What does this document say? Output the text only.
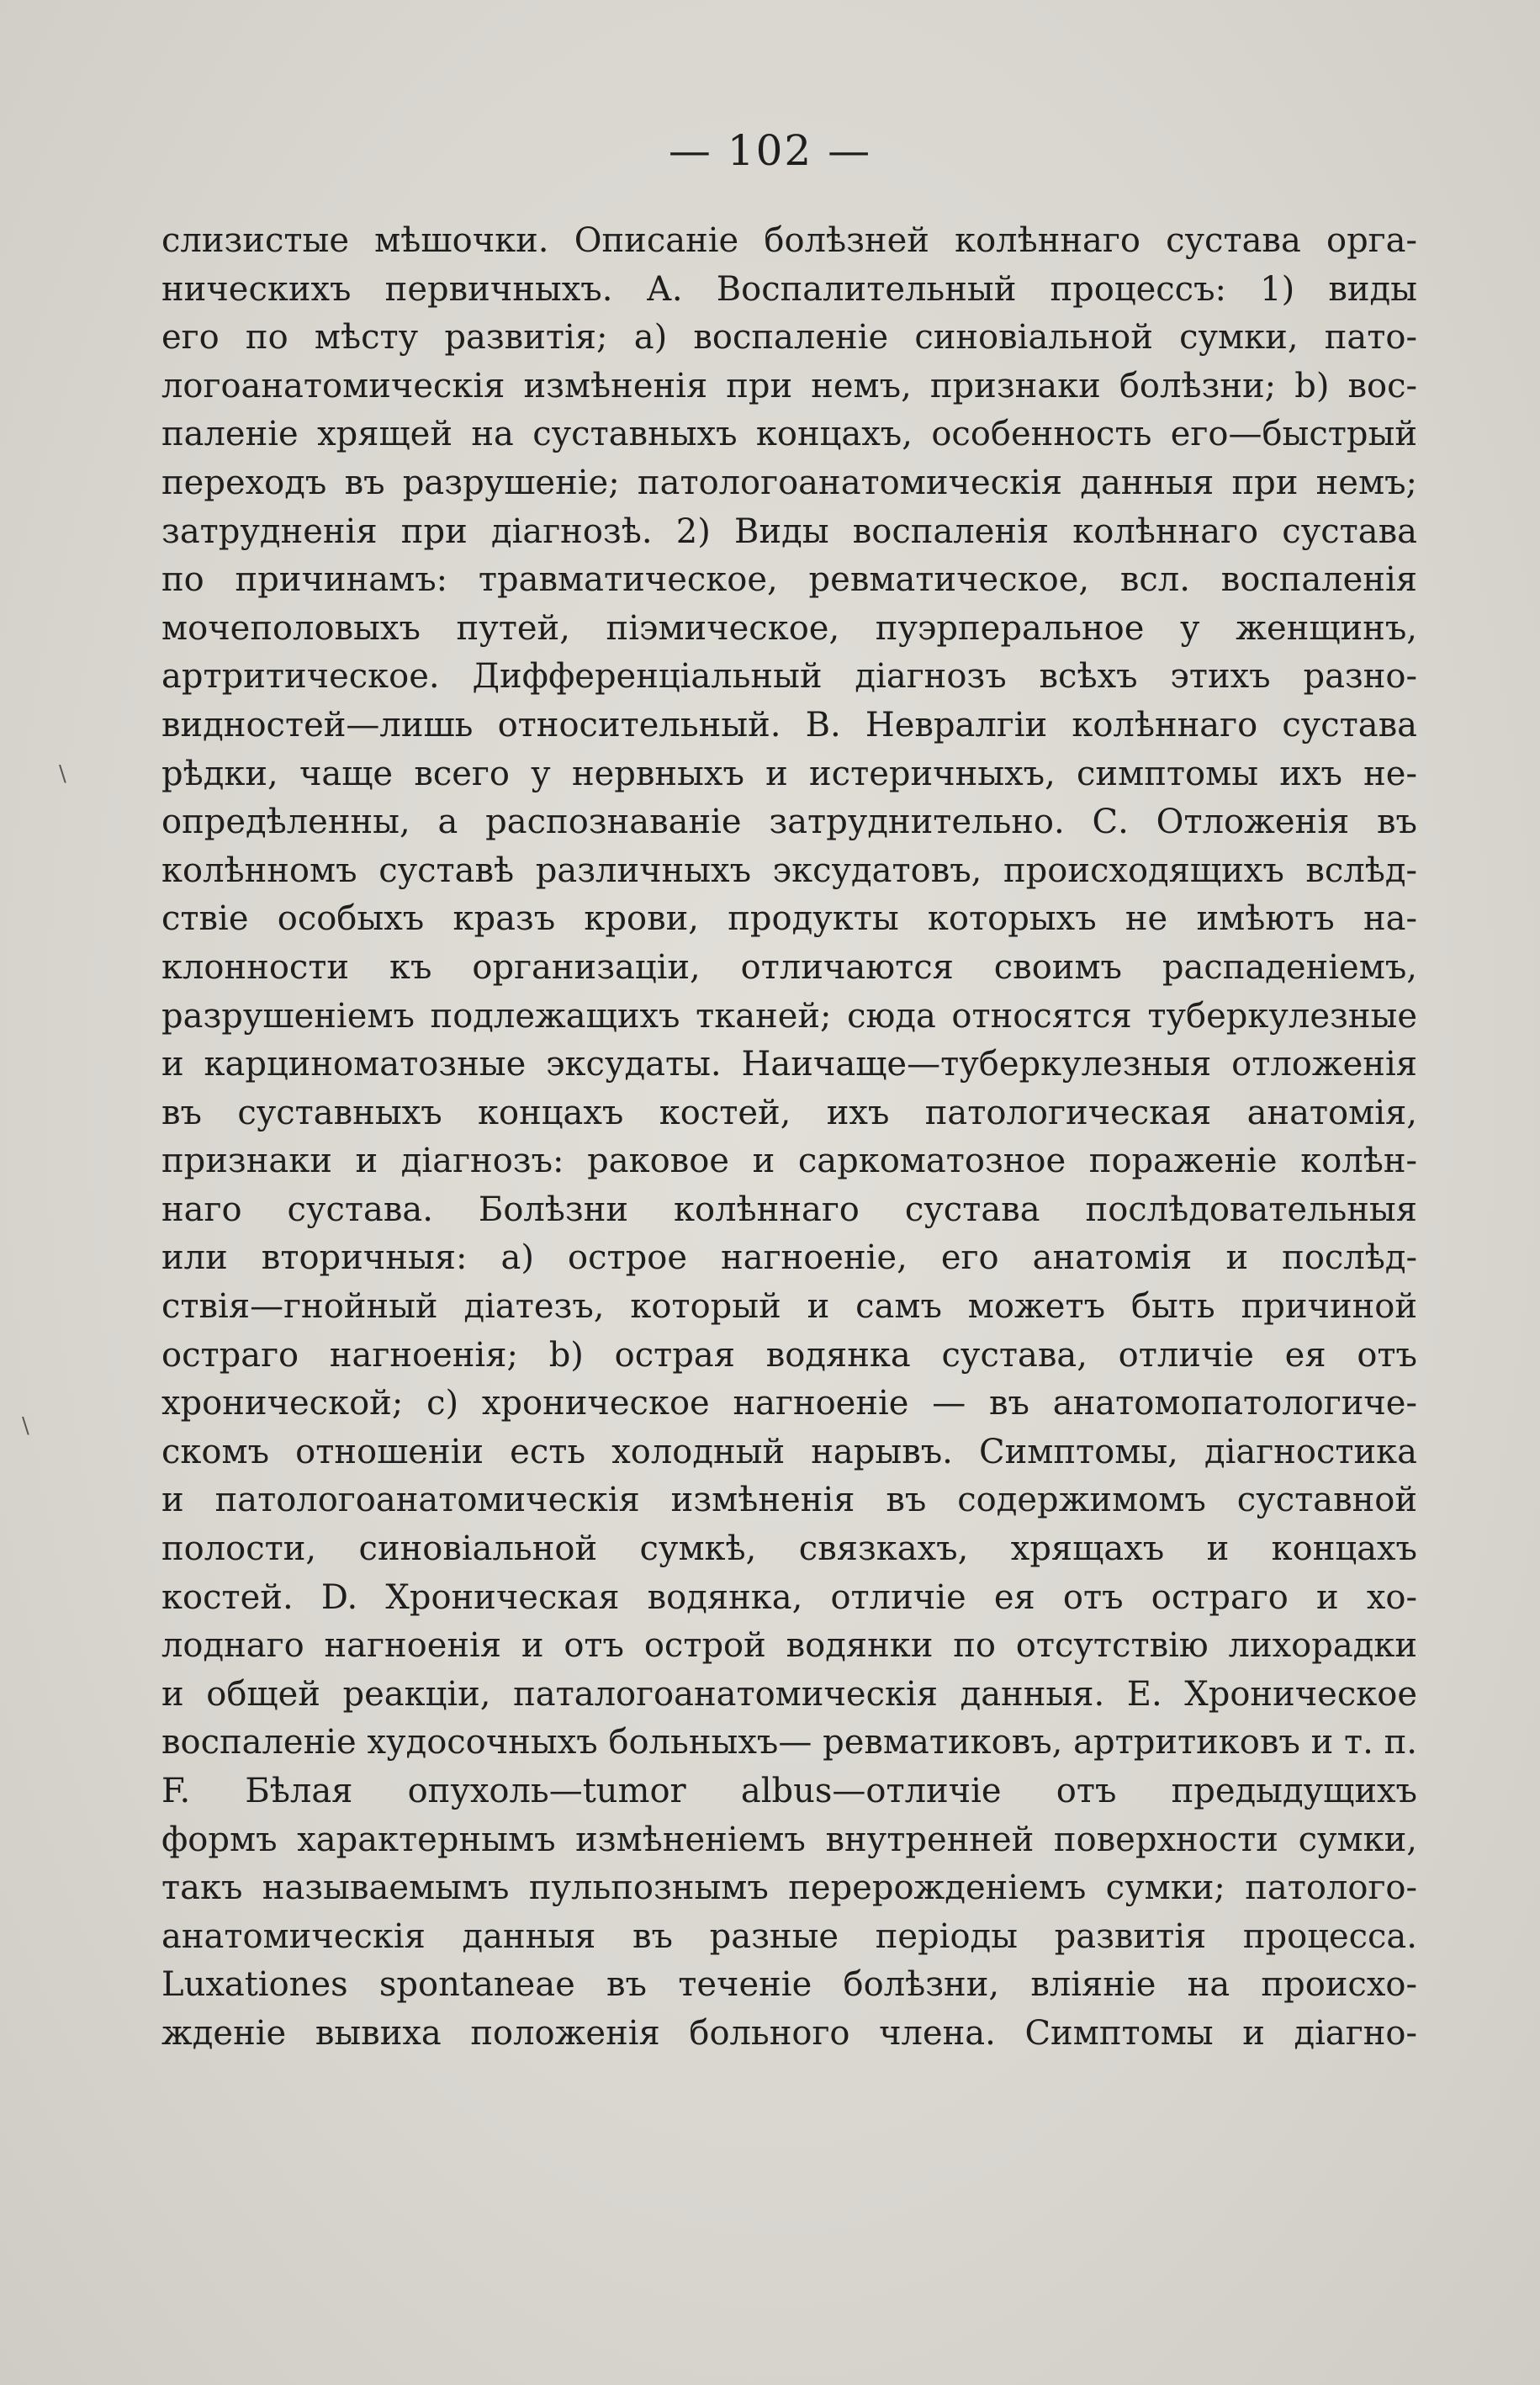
\
\
— 102 —
слизистые мѣшочки. Описаніе болѣзней колѣннаго сустава орга-
ническихъ первичныхъ. А. Воспалительный процессъ: 1) виды
его по мѣсту развитія; a) воспаленіе синовіальной сумки, пато-
логоанатомическія измѣненія при немъ, признаки болѣзни; b) вос-
паленіе хрящей на суставныхъ концахъ, особенность его—быстрый
переходъ въ разрушеніе; патологоанатомическія данныя при немъ;
затрудненія при діагнозѣ. 2) Виды воспаленія колѣннаго сустава
по причинамъ: травматическое, ревматическое, всл. воспаленія
мочеполовыхъ путей, піэмическое, пуэрперальное у женщинъ,
артритическое. Дифференціальный діагнозъ всѣхъ этихъ разно-
видностей—лишь относительный. В. Невралгіи колѣннаго сустава
рѣдки, чаще всего у нервныхъ и истеричныхъ, симптомы ихъ не-
опредѣленны, а распознаваніе затруднительно. С. Отложенія въ
колѣнномъ суставѣ различныхъ эксудатовъ, происходящихъ вслѣд-
ствіе особыхъ кразъ крови, продукты которыхъ не имѣютъ на-
клонности къ организаціи, отличаются своимъ распаденіемъ,
разрушеніемъ подлежащихъ тканей; сюда относятся туберкулезные
и карциноматозные эксудаты. Наичаще—туберкулезныя отложенія
въ суставныхъ концахъ костей, ихъ патологическая анатомія,
признаки и діагнозъ: раковое и саркоматозное пораженіе колѣн-
наго сустава. Болѣзни колѣннаго сустава послѣдовательныя
или вторичныя: а) острое нагноеніе, его анатомія и послѣд-
ствія—гнойный діатезъ, который и самъ можетъ быть причиной
остраго нагноенія; b) острая водянка сустава, отличіе ея отъ
хронической; с) хроническое нагноеніе — въ анатомопатологиче-
скомъ отношеніи есть холодный нарывъ. Симптомы, діагностика
и патологоанатомическія измѣненія въ содержимомъ суставной
полости, синовіальной сумкѣ, связкахъ, хрящахъ и концахъ
костей. D. Хроническая водянка, отличіе ея отъ остраго и хо-
лоднаго нагноенія и отъ острой водянки по отсутствію лихорадки
и общей реакціи, паталогоанатомическія данныя. Е. Хроническое
воспаленіе худосочныхъ больныхъ— ревматиковъ, артритиковъ и т. п.
F. Бѣлая опухоль—tumor albus—отличіе отъ предыдущихъ
формъ характернымъ измѣненіемъ внутренней поверхности сумки,
такъ называемымъ пульпознымъ перерожденіемъ сумки; патолого-
анатомическія данныя въ разные періоды развитія процесса.
Luxationes spontaneae въ теченіе болѣзни, вліяніе на происхо-
жденіе вывиха положенія больного члена. Симптомы и діагно-
